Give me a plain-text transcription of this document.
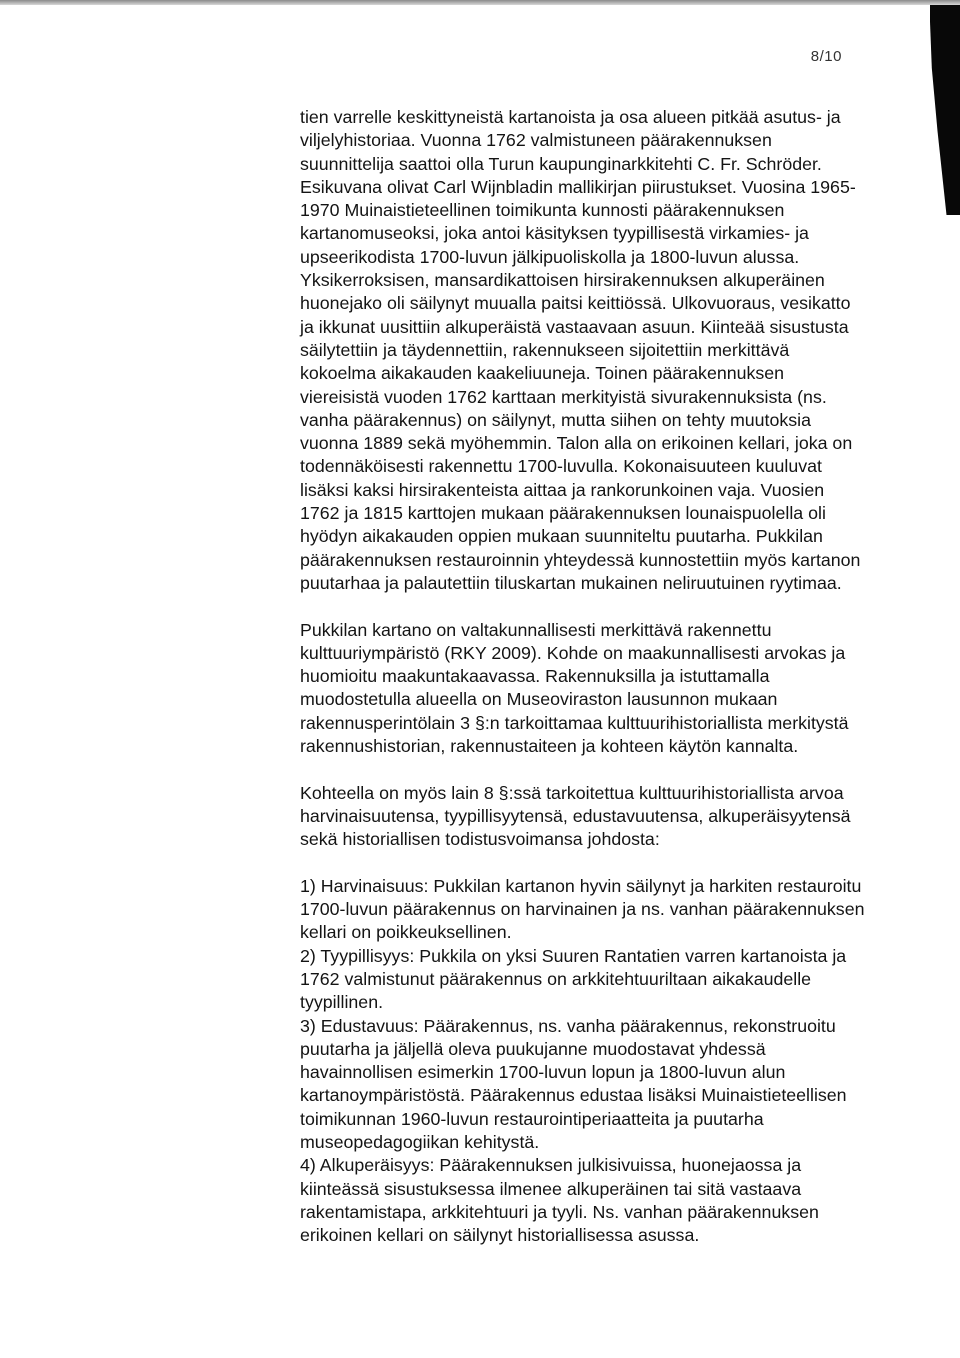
8/10

tien varrelle keskittyneistä kartanoista ja osa alueen pitkää asutus- ja viljelyhistoriaa. Vuonna 1762 valmistuneen päärakennuksen suunnittelija saattoi olla Turun kaupunginarkkitehti C. Fr. Schröder. Esikuvana olivat Carl Wijnbladin mallikirjan piirustukset. Vuosina 1965-1970 Muinaistieteellinen toimikunta kunnosti päärakennuksen kartanomuseoksi, joka antoi käsityksen tyypillisestä virkamies- ja upseerikodista 1700-luvun jälkipuoliskolla ja 1800-luvun alussa. Yksikerroksisen, mansardikattoisen hirsirakennuksen alkuperäinen huonejako oli säilynyt muualla paitsi keittiössä. Ulkovuoraus, vesikatto ja ikkunat uusittiin alkuperäistä vastaavaan asuun. Kiinteää sisustusta säilytettiin ja täydennettiin, rakennukseen sijoitettiin merkittävä kokoelma aikakauden kaakeliuuneja. Toinen päärakennuksen viereisistä vuoden 1762 karttaan merkityistä sivurakennuksista (ns. vanha päärakennus) on säilynyt, mutta siihen on tehty muutoksia vuonna 1889 sekä myöhemmin. Talon alla on erikoinen kellari, joka on todennäköisesti rakennettu 1700-luvulla. Kokonaisuuteen kuuluvat lisäksi kaksi hirsirakenteista aittaa ja rankorunkoinen vaja. Vuosien 1762 ja 1815 karttojen mukaan päärakennuksen lounaispuolella oli hyödyn aikakauden oppien mukaan suunniteltu puutarha. Pukkilan päärakennuksen restauroinnin yhteydessä kunnostettiin myös kartanon puutarhaa ja palautettiin tiluskartan mukainen neliruutuinen ryytimaa.

Pukkilan kartano on valtakunnallisesti merkittävä rakennettu kulttuuriympäristö (RKY 2009). Kohde on maakunnallisesti arvokas ja huomioitu maakuntakaavassa. Rakennuksilla ja istuttamalla muodostetulla alueella on Museoviraston lausunnon mukaan rakennusperintölain 3 §:n tarkoittamaa kulttuurihistoriallista merkitystä rakennushistorian, rakennustaiteen ja kohteen käytön kannalta.

Kohteella on myös lain 8 §:ssä tarkoitettua kulttuurihistoriallista arvoa harvinaisuutensa, tyypillisyytensä, edustavuutensa, alkuperäisyytensä sekä historiallisen todistusvoimansa johdosta:

1) Harvinaisuus: Pukkilan kartanon hyvin säilynyt ja harkiten restauroitu 1700-luvun päärakennus on harvinainen ja ns. vanhan päärakennuksen kellari on poikkeuksellinen.

2) Tyypillisyys: Pukkila on yksi Suuren Rantatien varren kartanoista ja 1762 valmistunut päärakennus on arkkitehtuuriltaan aikakaudelle tyypillinen.

3) Edustavuus: Päärakennus, ns. vanha päärakennus, rekonstruoitu puutarha ja jäljellä oleva puukujanne muodostavat yhdessä havainnollisen esimerkin 1700-luvun lopun ja 1800-luvun alun kartanoympäristöstä. Päärakennus edustaa lisäksi Muinaistieteellisen toimikunnan 1960-luvun restaurointiperiaatteita ja puutarha museopedagogiikan kehitystä.

4) Alkuperäisyys: Päärakennuksen julkisivuissa, huonejaossa ja kiinteässä sisustuksessa ilmenee alkuperäinen tai sitä vastaava rakentamistapa, arkkitehtuuri ja tyyli. Ns. vanhan päärakennuksen erikoinen kellari on säilynyt historiallisessa asussa.
